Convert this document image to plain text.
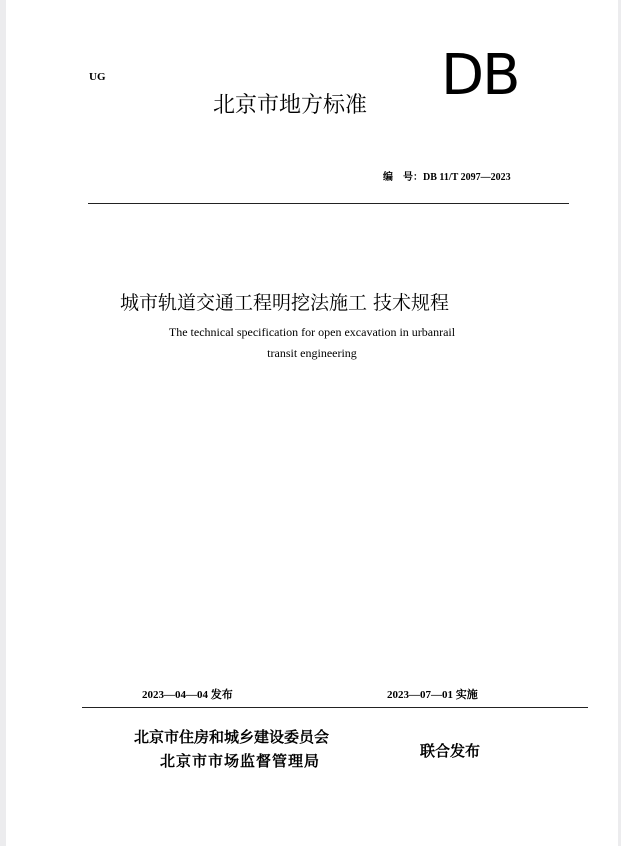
UG
北京市地方标准 DB
编　号：DB 11/T 2097—2023
城市轨道交通工程明挖法施工 技术规程
The technical specification for open excavation in urbanrail
transit engineering
2023—04—04 发布	2023—07—01 实施
北京市住房和城乡建设委员会
北京市市场监督管理局
联合发布
